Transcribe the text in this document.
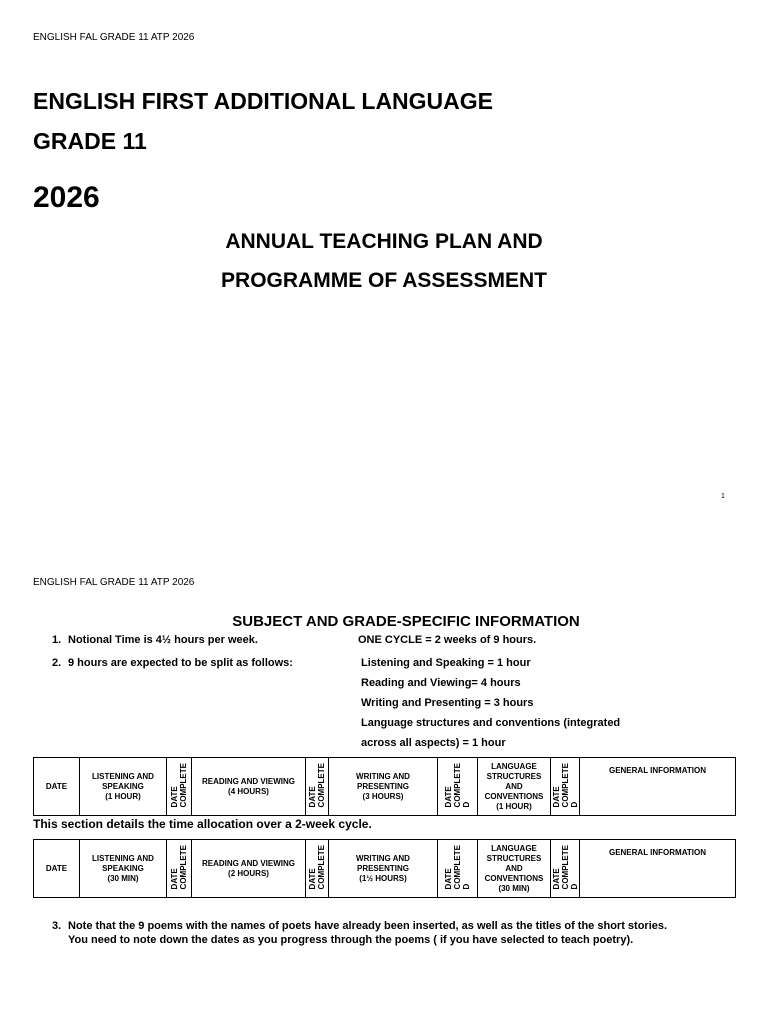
ENGLISH FAL GRADE 11 ATP 2026
ENGLISH FIRST ADDITIONAL LANGUAGE
GRADE 11
2026
ANNUAL TEACHING PLAN AND
PROGRAMME OF ASSESSMENT
1
ENGLISH FAL GRADE 11 ATP 2026
SUBJECT AND GRADE-SPECIFIC INFORMATION
1. Notional Time is 4½ hours per week.	ONE CYCLE = 2 weeks of 9 hours.
2. 9 hours are expected to be split as follows:	Listening and Speaking = 1 hour
Reading and Viewing= 4 hours
Writing and Presenting = 3 hours
Language structures and conventions (integrated
across all aspects) = 1 hour
DATE	LISTENING AND
SPEAKING
(1 HOUR)	DATE
COMPLETE	READING AND VIEWING
(4 HOURS)	DATE
COMPLETE	WRITING AND
PRESENTING
(3 HOURS)	DATE
COMPLETE
D	LANGUAGE
STRUCTURES
AND
CONVENTIONS
(1 HOUR)	DATE
COMPLETE
D	GENERAL INFORMATION
This section details the time allocation over a 2-week cycle.
DATE	LISTENING AND
SPEAKING
(30 MIN)	DATE
COMPLETE	READING AND VIEWING
(2 HOURS)	DATE
COMPLETE	WRITING AND
PRESENTING
(1½ HOURS)	DATE
COMPLETE
D	LANGUAGE
STRUCTURES
AND
CONVENTIONS
(30 MIN)	DATE
COMPLETE
D	GENERAL INFORMATION
3. Note that the 9 poems with the names of poets have already been inserted, as well as the titles of the short stories.
You need to note down the dates as you progress through the poems ( if you have selected to teach poetry).
